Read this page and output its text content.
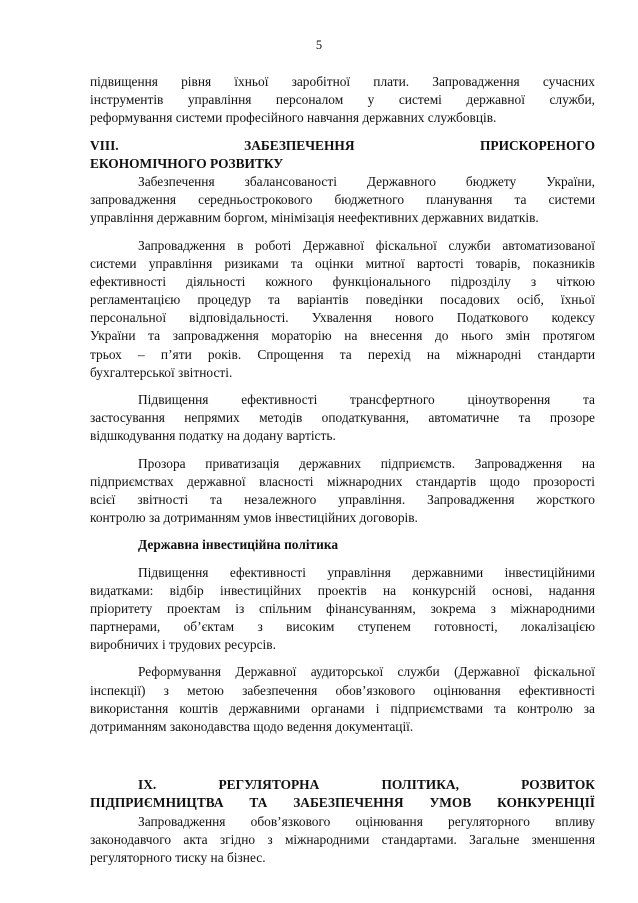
5
підвищення рівня їхньої заробітної плати. Запровадження сучасних
інструментів управління персоналом у системі державної служби,
реформування системи професійного навчання державних службовців.
VIII. ЗАБЕЗПЕЧЕННЯ ПРИСКОРЕНОГО
ЕКОНОМІЧНОГО РОЗВИТКУ
Забезпечення збалансованості Державного бюджету України,
запровадження середньострокового бюджетного планування та системи
управління державним боргом, мінімізація неефективних державних видатків.
Запровадження в роботі Державної фіскальної служби автоматизованої
системи управління ризиками та оцінки митної вартості товарів, показників
ефективності діяльності кожного функціонального підрозділу з чіткою
регламентацією процедур та варіантів поведінки посадових осіб, їхньої
персональної відповідальності. Ухвалення нового Податкового кодексу
України та запровадження мораторію на внесення до нього змін протягом
трьох – п’яти років. Спрощення та перехід на міжнародні стандарти
бухгалтерської звітності.
Підвищення ефективності трансфертного ціноутворення та
застосування непрямих методів оподаткування, автоматичне та прозоре
відшкодування податку на додану вартість.
Прозора приватизація державних підприємств. Запровадження на
підприємствах державної власності міжнародних стандартів щодо прозорості
всієї звітності та незалежного управління. Запровадження жорсткого
контролю за дотриманням умов інвестиційних договорів.
Державна інвестиційна політика
Підвищення ефективності управління державними інвестиційними
видатками: відбір інвестиційних проектів на конкурсній основі, надання
пріоритету проектам із спільним фінансуванням, зокрема з міжнародними
партнерами, об’єктам з високим ступенем готовності, локалізацією
виробничих і трудових ресурсів.
Реформування Державної аудиторської служби (Державної фіскальної
інспекції) з метою забезпечення обов’язкового оцінювання ефективності
використання коштів державними органами і підприємствами та контролю за
дотриманням законодавства щодо ведення документації.
IX. РЕГУЛЯТОРНА ПОЛІТИКА, РОЗВИТОК
ПІДПРИЄМНИЦТВА ТА ЗАБЕЗПЕЧЕННЯ УМОВ КОНКУРЕНЦІЇ
Запровадження обов’язкового оцінювання регуляторного впливу
законодавчого акта згідно з міжнародними стандартами. Загальне зменшення
регуляторного тиску на бізнес.
